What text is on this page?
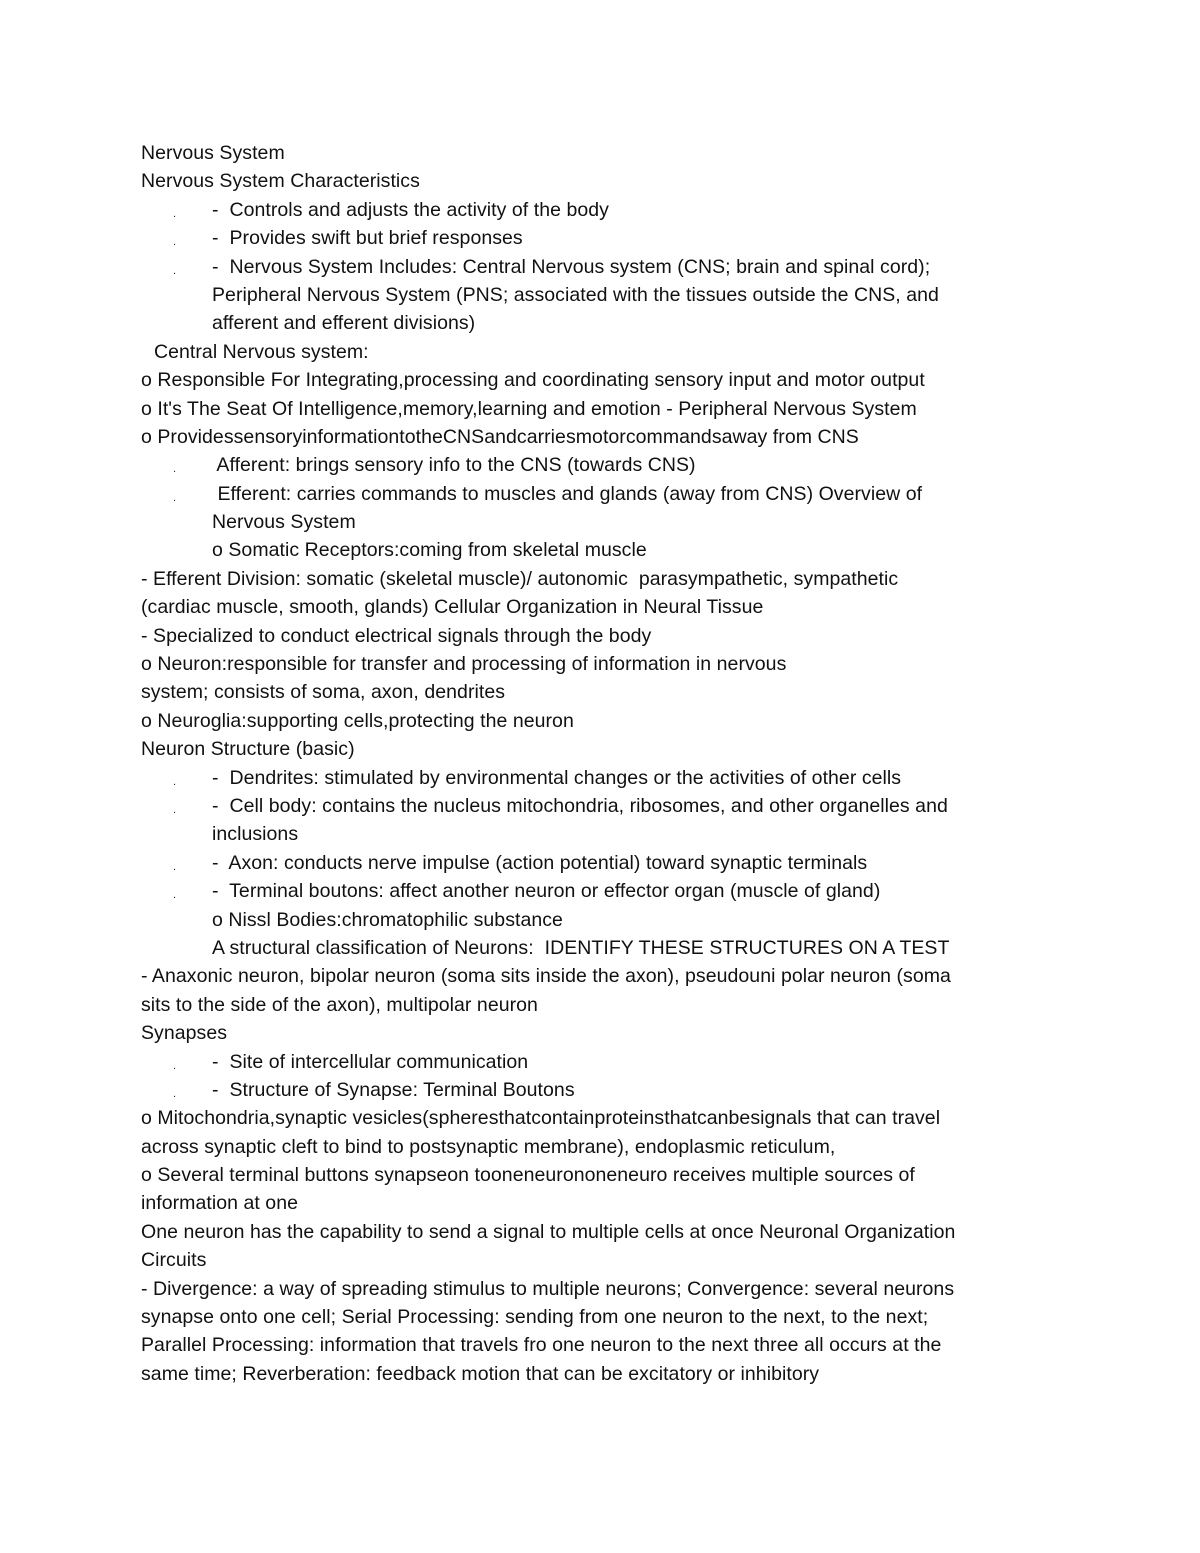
Nervous System
Nervous System Characteristics
. -  Controls and adjusts the activity of the body
. -  Provides swift but brief responses
. -  Nervous System Includes: Central Nervous system (CNS; brain and spinal cord);
Peripheral Nervous System (PNS; associated with the tissues outside the CNS, and
afferent and efferent divisions)
Central Nervous system:
o Responsible For Integrating,processing and coordinating sensory input and motor output
o It's The Seat Of Intelligence,memory,learning and emotion - Peripheral Nervous System
o ProvidessensoryinformationtotheCNSandcarriesmotorcommandsaway from CNS
. Afferent: brings sensory info to the CNS (towards CNS)
. Efferent: carries commands to muscles and glands (away from CNS) Overview of
Nervous System
o Somatic Receptors:coming from skeletal muscle
- Efferent Division: somatic (skeletal muscle)/ autonomic  parasympathetic, sympathetic
(cardiac muscle, smooth, glands) Cellular Organization in Neural Tissue
- Specialized to conduct electrical signals through the body
o Neuron:responsible for transfer and processing of information in nervous
system; consists of soma, axon, dendrites
o Neuroglia:supporting cells,protecting the neuron
Neuron Structure (basic)
. -  Dendrites: stimulated by environmental changes or the activities of other cells
. -  Cell body: contains the nucleus mitochondria, ribosomes, and other organelles and
inclusions
. -  Axon: conducts nerve impulse (action potential) toward synaptic terminals
. -  Terminal boutons: affect another neuron or effector organ (muscle of gland)
o Nissl Bodies:chromatophilic substance
A structural classification of Neurons:  IDENTIFY THESE STRUCTURES ON A TEST
- Anaxonic neuron, bipolar neuron (soma sits inside the axon), pseudouni polar neuron (soma
sits to the side of the axon), multipolar neuron
Synapses
. -  Site of intercellular communication
. -  Structure of Synapse: Terminal Boutons
o Mitochondria,synaptic vesicles(spheresthatcontainproteinsthatcanbesignals that can travel
across synaptic cleft to bind to postsynaptic membrane), endoplasmic reticulum,
o Several terminal buttons synapseon tooneneurononeneuro receives multiple sources of
information at one
One neuron has the capability to send a signal to multiple cells at once Neuronal Organization
Circuits
- Divergence: a way of spreading stimulus to multiple neurons; Convergence: several neurons
synapse onto one cell; Serial Processing: sending from one neuron to the next, to the next;
Parallel Processing: information that travels fro one neuron to the next three all occurs at the
same time; Reverberation: feedback motion that can be excitatory or inhibitory
